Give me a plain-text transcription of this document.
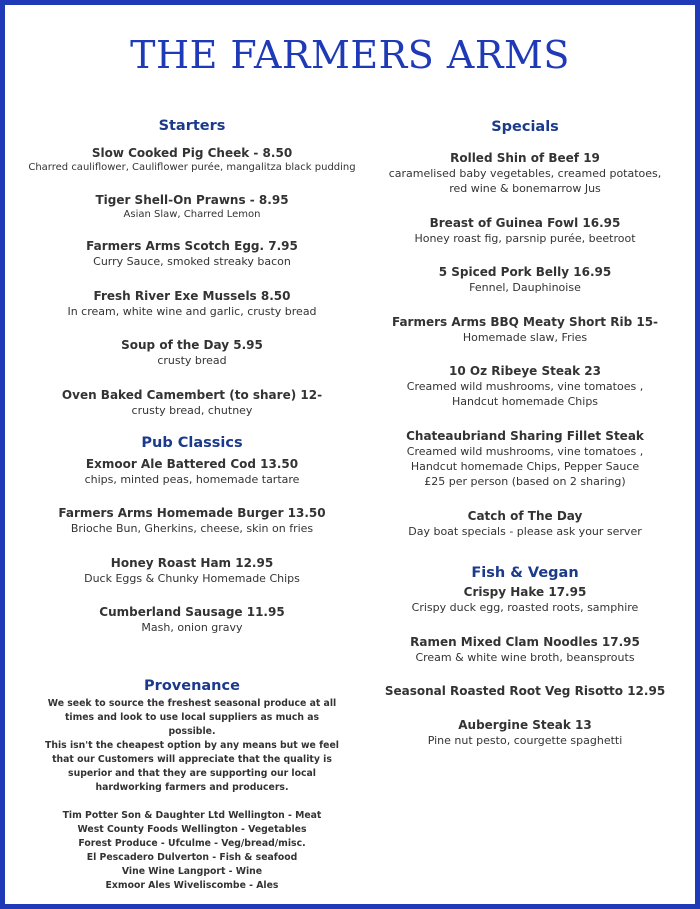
THE FARMERS ARMS
Starters
Slow Cooked Pig Cheek - 8.50
Charred cauliflower, Cauliflower purée, mangalitza black pudding
Tiger Shell-On Prawns - 8.95
Asian Slaw, Charred Lemon
Farmers Arms Scotch Egg. 7.95
Curry Sauce, smoked streaky bacon
Fresh River Exe Mussels 8.50
In cream, white wine and garlic, crusty bread
Soup of the Day 5.95
crusty bread
Oven Baked Camembert (to share) 12-
crusty bread, chutney
Pub Classics
Exmoor Ale Battered Cod 13.50
chips, minted peas, homemade tartare
Farmers Arms Homemade Burger 13.50
Brioche Bun, Gherkins, cheese, skin on fries
Honey Roast Ham 12.95
Duck Eggs & Chunky Homemade Chips
Cumberland Sausage 11.95
Mash, onion gravy
Provenance
We seek to source the freshest seasonal produce at all
times and look to use local suppliers as much as
possible.
This isn't the cheapest option by any means but we feel
that our Customers will appreciate that the quality is
superior and that they are supporting our local
hardworking farmers and producers.
Tim Potter Son & Daughter Ltd Wellington - Meat
West County Foods Wellington - Vegetables
Forest Produce - Ufculme - Veg/bread/misc.
El Pescadero Dulverton - Fish & seafood
Vine Wine Langport - Wine
Exmoor Ales Wiveliscombe - Ales
Specials
Rolled Shin of Beef 19
caramelised baby vegetables, creamed potatoes,
red wine & bonemarrow Jus
Breast of Guinea Fowl 16.95
Honey roast fig, parsnip purée, beetroot
5 Spiced Pork Belly 16.95
Fennel, Dauphinoise
Farmers Arms BBQ Meaty Short Rib 15-
Homemade slaw, Fries
10 Oz Ribeye Steak 23
Creamed wild mushrooms, vine tomatoes ,
Handcut homemade Chips
Chateaubriand Sharing Fillet Steak
Creamed wild mushrooms, vine tomatoes ,
Handcut homemade Chips, Pepper Sauce
£25 per person (based on 2 sharing)
Catch of The Day
Day boat specials - please ask your server
Fish & Vegan
Crispy Hake 17.95
Crispy duck egg, roasted roots, samphire
Ramen Mixed Clam Noodles 17.95
Cream & white wine broth, beansprouts
Seasonal Roasted Root Veg Risotto 12.95
Aubergine Steak 13
Pine nut pesto, courgette spaghetti
